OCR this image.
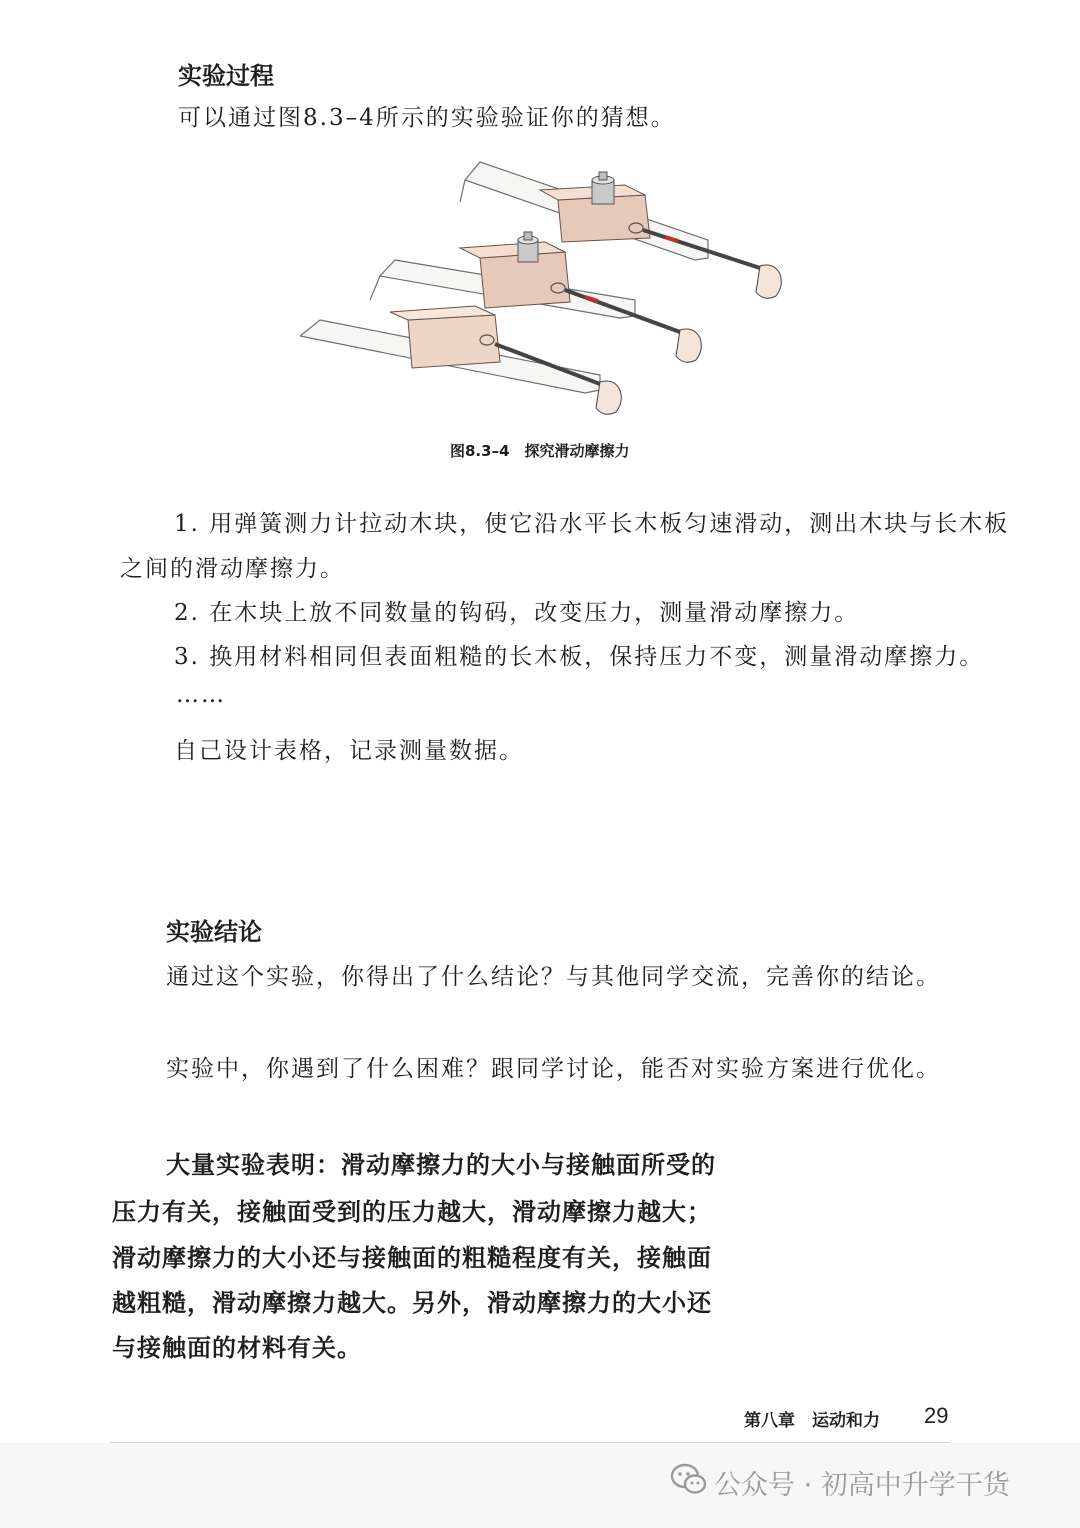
实验过程
可以通过图8.3–4所示的实验验证你的猜想。
图8.3–4　探究滑动摩擦力
1. 用弹簧测力计拉动木块，使它沿水平长木板匀速滑动，测出木块与长木板
之间的滑动摩擦力。
2. 在木块上放不同数量的钩码，改变压力，测量滑动摩擦力。
3. 换用材料相同但表面粗糙的长木板，保持压力不变，测量滑动摩擦力。
……
自己设计表格，记录测量数据。
实验结论
通过这个实验，你得出了什么结论？与其他同学交流，完善你的结论。
实验中，你遇到了什么困难？跟同学讨论，能否对实验方案进行优化。
大量实验表明：滑动摩擦力的大小与接触面所受的
压力有关，接触面受到的压力越大，滑动摩擦力越大；
滑动摩擦力的大小还与接触面的粗糙程度有关，接触面
越粗糙，滑动摩擦力越大。另外，滑动摩擦力的大小还
与接触面的材料有关。
第八章　运动和力 29
公众号 · 初高中升学干货
